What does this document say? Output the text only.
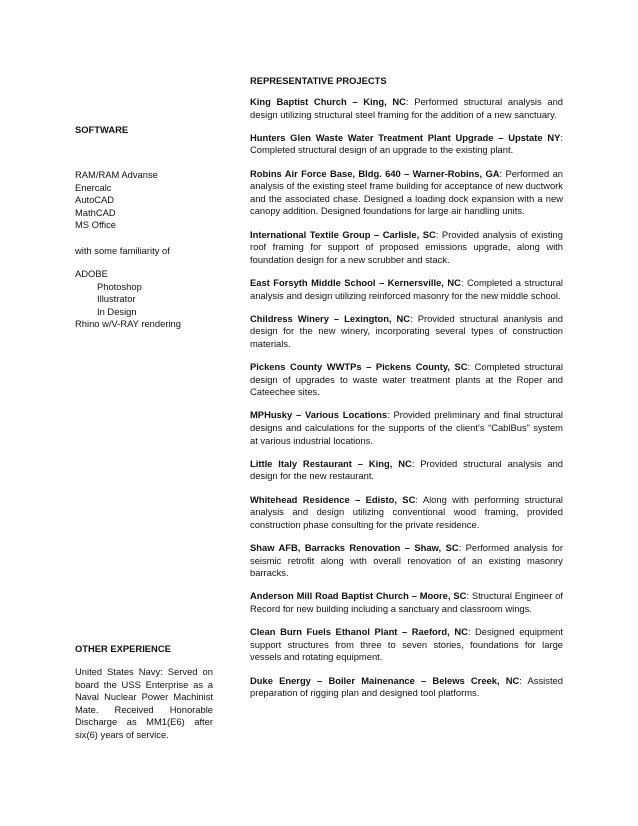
SOFTWARE

RAM/RAM Advanse

Enercalc

AutoCAD

MathCAD

MS Office

with some familiarity of

ADOBE

Photoshop

Illustrator

In Design

Rhino w/V-RAY rendering

OTHER EXPERIENCE

United States Navy: Served on board the USS Enterprise as a Naval Nuclear Power Machinist Mate. Received Honorable Discharge as MM1(E6) after six(6) years of service.

REPRESENTATIVE PROJECTS

King Baptist Church – King, NC: Performed structural analysis and design utilizing structural steel framing for the addition of a new sanctuary.

Hunters Glen Waste Water Treatment Plant Upgrade – Upstate NY: Completed structural design of an upgrade to the existing plant.

Robins Air Force Base, Bldg. 640 – Warner-Robins, GA: Performed an analysis of the existing steel frame building for acceptance of new ductwork and the associated chase. Designed a loading dock expansion with a new canopy addition. Designed foundations for large air handling units.

International Textile Group – Carlisle, SC: Provided analysis of existing roof framing for support of proposed emissions upgrade, along with foundation design for a new scrubber and stack.

East Forsyth Middle School – Kernersville, NC: Completed a structural analysis and design utilizing reinforced masonry for the new middle school.

Childress Winery – Lexington, NC: Provided structural ananlysis and design for the new winery, incorporating several types of construction materials.

Pickens County WWTPs – Pickens County, SC: Completed structural design of upgrades to waste water treatment plants at the Roper and Cateechee sites.

MPHusky – Various Locations: Provided preliminary and final structural designs and calculations for the supports of the client’s “CablBus” system at various industrial locations.

Little Italy Restaurant – King, NC: Provided structural analysis and design for the new restaurant.

Whitehead Residence – Edisto, SC: Along with performing structural analysis and design utilizing conventional wood framing, provided construction phase consulting for the private residence.

Shaw AFB, Barracks Renovation – Shaw, SC: Performed analysis for seismic retrofit along with overall renovation of an existing masonry barracks.

Anderson Mill Road Baptist Church – Moore, SC: Structural Engineer of Record for new building including a sanctuary and classroom wings.

Clean Burn Fuels Ethanol Plant – Raeford, NC: Designed equipment support structures from three to seven stories, foundations for large vessels and rotating equipment.

Duke Energy – Boiler Mainenance – Belews Creek, NC: Assisted preparation of rigging plan and designed tool platforms.
